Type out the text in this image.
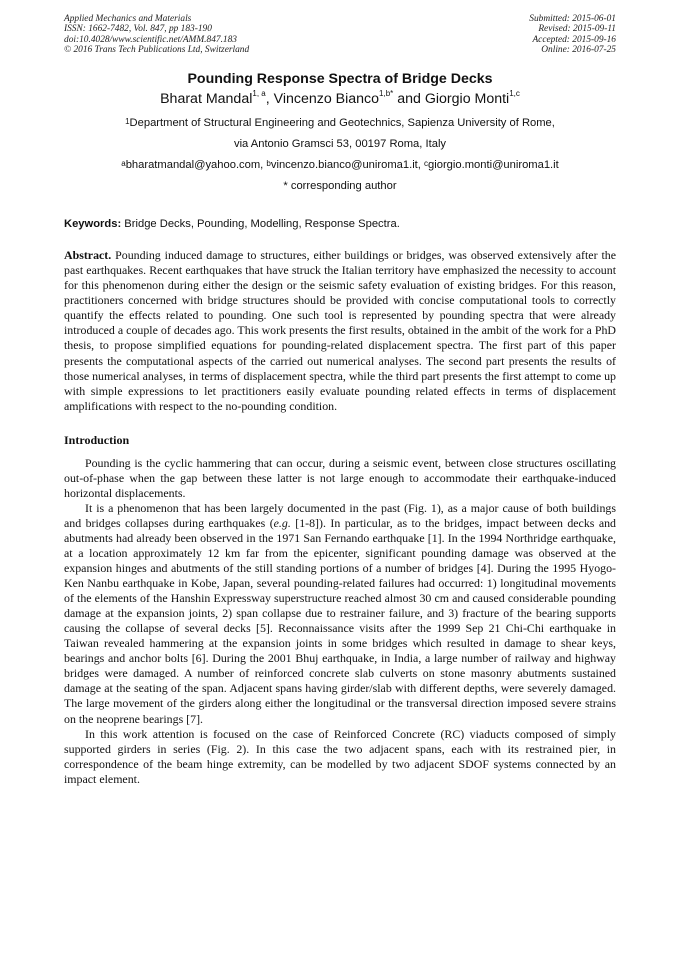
Applied Mechanics and Materials
ISSN: 1662-7482, Vol. 847, pp 183-190
doi:10.4028/www.scientific.net/AMM.847.183
© 2016 Trans Tech Publications Ltd, Switzerland
Submitted: 2015-06-01
Revised: 2015-09-11
Accepted: 2015-09-16
Online: 2016-07-25
Pounding Response Spectra of Bridge Decks
Bharat Mandal$^{1, a}$, Vincenzo Bianco$^{1,b*}$ and Giorgio Monti$^{1,c}$
$^1$Department of Structural Engineering and Geotechnics, Sapienza University of Rome,
via Antonio Gramsci 53, 00197 Roma, Italy
$^a$bharatmandal@yahoo.com, $^b$vincenzo.bianco@uniroma1.it, $^c$giorgio.monti@uniroma1.it
* corresponding author
Keywords: Bridge Decks, Pounding, Modelling, Response Spectra.
Abstract. Pounding induced damage to structures, either buildings or bridges, was observed extensively after the past earthquakes. Recent earthquakes that have struck the Italian territory have emphasized the necessity to account for this phenomenon during either the design or the seismic safety evaluation of existing bridges. For this reason, practitioners concerned with bridge structures should be provided with concise computational tools to correctly quantify the effects related to pounding. One such tool is represented by pounding spectra that were already introduced a couple of decades ago. This work presents the first results, obtained in the ambit of the work for a PhD thesis, to propose simplified equations for pounding-related displacement spectra. The first part of this paper presents the computational aspects of the carried out numerical analyses. The second part presents the results of those numerical analyses, in terms of displacement spectra, while the third part presents the first attempt to come up with simple expressions to let practitioners easily evaluate pounding related effects in terms of displacement amplifications with respect to the no-pounding condition.
Introduction
Pounding is the cyclic hammering that can occur, during a seismic event, between close structures oscillating out-of-phase when the gap between these latter is not large enough to accommodate their earthquake-induced horizontal displacements.
It is a phenomenon that has been largely documented in the past (Fig. 1), as a major cause of both buildings and bridges collapses during earthquakes (e.g. [1-8]). In particular, as to the bridges, impact between decks and abutments had already been observed in the 1971 San Fernando earthquake [1]. In the 1994 Northridge earthquake, at a location approximately 12 km far from the epicenter, significant pounding damage was observed at the expansion hinges and abutments of the still standing portions of a number of bridges [4]. During the 1995 Hyogo-Ken Nanbu earthquake in Kobe, Japan, several pounding-related failures had occurred: 1) longitudinal movements of the elements of the Hanshin Expressway superstructure reached almost 30 cm and caused considerable pounding damage at the expansion joints, 2) span collapse due to restrainer failure, and 3) fracture of the bearing supports causing the collapse of several decks [5]. Reconnaissance visits after the 1999 Sep 21 Chi-Chi earthquake in Taiwan revealed hammering at the expansion joints in some bridges which resulted in damage to shear keys, bearings and anchor bolts [6]. During the 2001 Bhuj earthquake, in India, a large number of railway and highway bridges were damaged. A number of reinforced concrete slab culverts on stone masonry abutments sustained damage at the seating of the span. Adjacent spans having girder/slab with different depths, were severely damaged. The large movement of the girders along either the longitudinal or the transversal direction imposed severe strains on the neoprene bearings [7].
In this work attention is focused on the case of Reinforced Concrete (RC) viaducts composed of simply supported girders in series (Fig. 2). In this case the two adjacent spans, each with its restrained pier, in correspondence of the beam hinge extremity, can be modelled by two adjacent SDOF systems connected by an impact element.
